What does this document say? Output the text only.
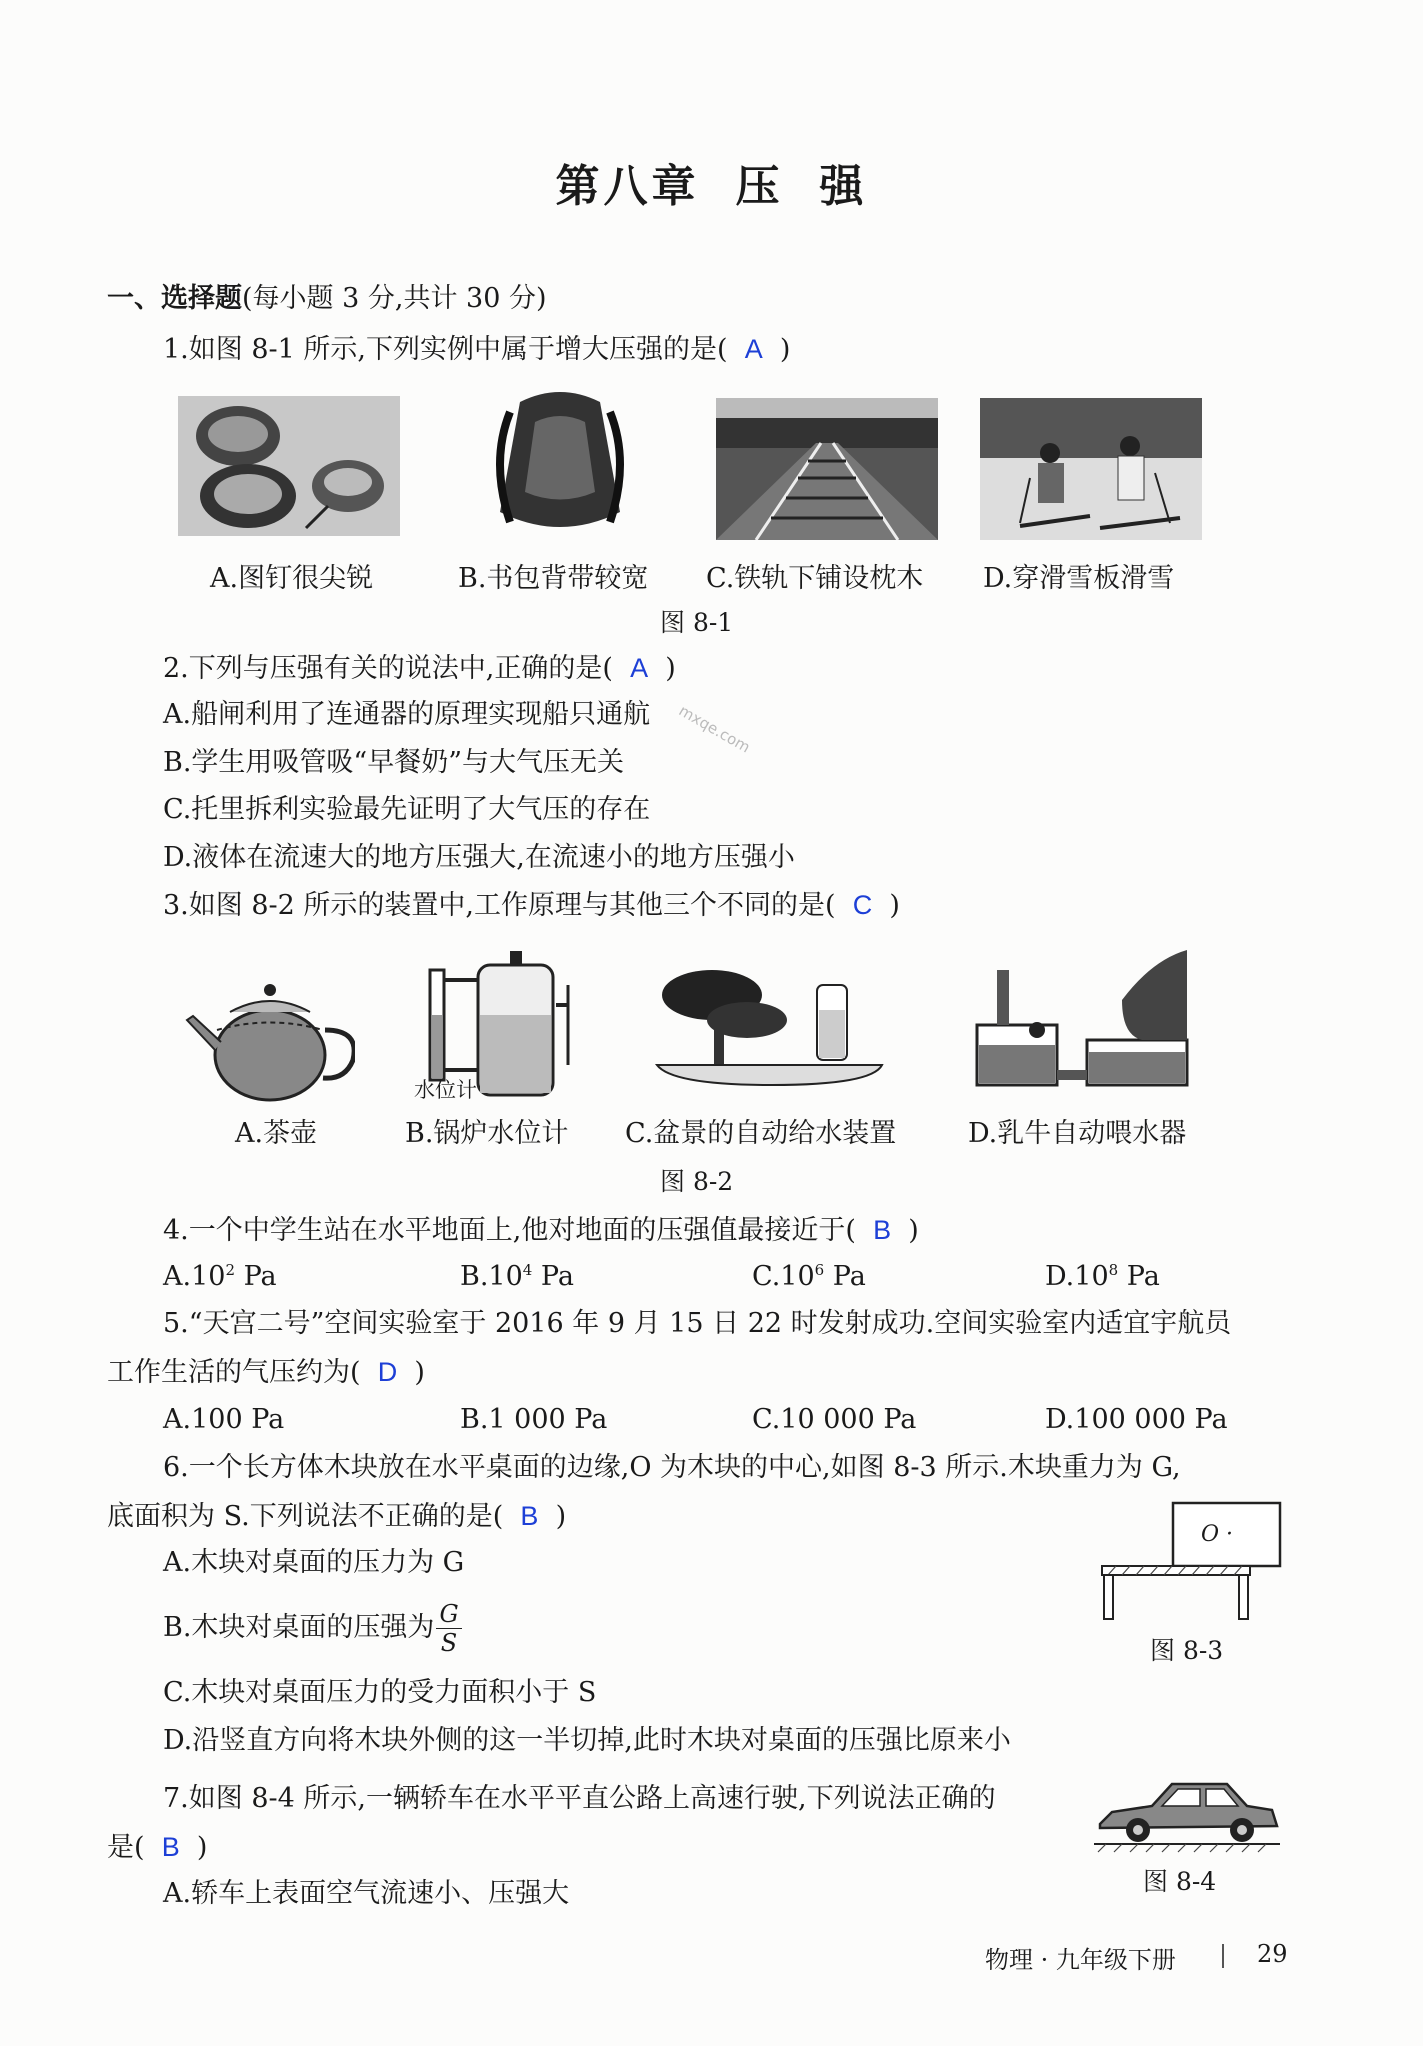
第八章 压 强
一、选择题(每小题 3 分,共计 30 分)
1.如图 8-1 所示,下列实例中属于增大压强的是( A )
A.图钉很尖锐	B.书包背带较宽 C.铁轨下铺设枕木 D.穿滑雪板滑雪
图 8-1
2.下列与压强有关的说法中,正确的是( A )
A.船闸利用了连通器的原理实现船只通航
B.学生用吸管吸“早餐奶”与大气压无关
C.托里拆利实验最先证明了大气压的存在
D.液体在流速大的地方压强大,在流速小的地方压强小
mxqe.com
3.如图 8-2 所示的装置中,工作原理与其他三个不同的是( C )
水位计
A.茶壶	B.锅炉水位计 C.盆景的自动给水装置	D.乳牛自动喂水器
图 8-2
4.一个中学生站在水平地面上,他对地面的压强值最接近于( B )
$A.10^2$ Pa	$B.10^4$ Pa	$C.10^6$ Pa	$D.10^8$ Pa
5.“天宫二号”空间实验室于 2016 年 9 月 15 日 22 时发射成功.空间实验室内适宜宇航员
工作生活的气压约为( D )
A.100 Pa	B.1 000 Pa	C.10 000 Pa	D.100 000 Pa
6.一个长方体木块放在水平桌面的边缘,O 为木块的中心,如图 8-3 所示.木块重力为 G,
底面积为 S.下列说法不正确的是( B )
A.木块对桌面的压力为 G
B.木块对桌面的压强为 $\frac{G}{S}$
C.木块对桌面压力的受力面积小于 S
D.沿竖直方向将木块外侧的这一半切掉,此时木块对桌面的压强比原来小
O ·
图 8-3
7.如图 8-4 所示,一辆轿车在水平平直公路上高速行驶,下列说法正确的
是( B )
A.轿车上表面空气流速小、压强大	图 8-4
物理 · 九年级下册	29
